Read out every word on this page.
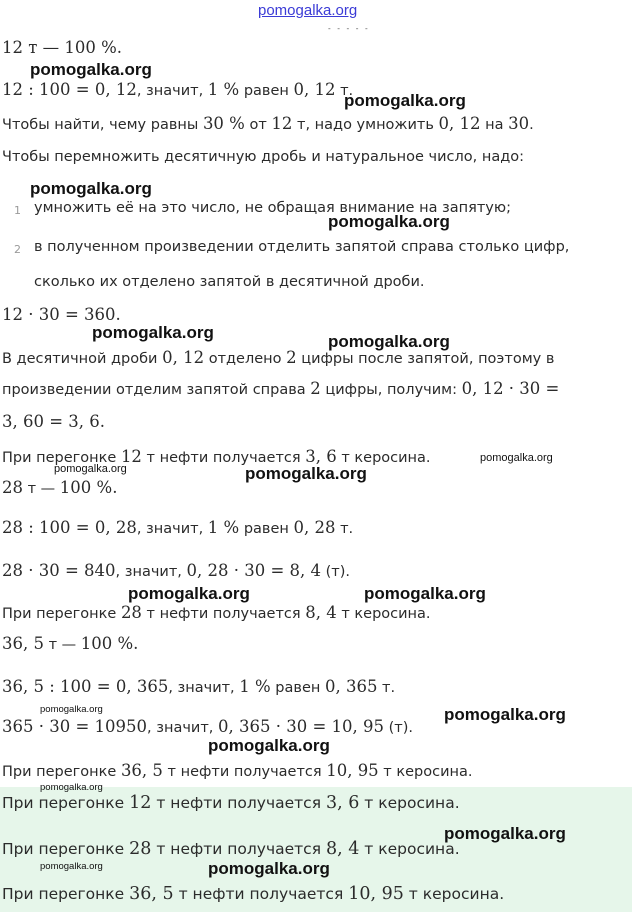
pomogalka.org
- - - - -
12 т — 100 %.
12 : 100 = 0, 12, значит, 1 % равен 0, 12 т.
Чтобы найти, чему равны 30 % от 12 т, надо умножить 0, 12 на 30.
Чтобы перемножить десятичную дробь и натуральное число, надо:
1 умножить её на это число, не обращая внимание на запятую;
2 в полученном произведении отделить запятой справа столько цифр,
сколько их отделено запятой в десятичной дроби.
12 · 30 = 360.
В десятичной дроби 0, 12 отделено 2 цифры после запятой, поэтому в
произведении отделим запятой справа 2 цифры, получим: 0, 12 · 30 =
3, 60 = 3, 6.
При перегонке 12 т нефти получается 3, 6 т керосина.
28 т — 100 %.
28 : 100 = 0, 28, значит, 1 % равен 0, 28 т.
28 · 30 = 840, значит, 0, 28 · 30 = 8, 4 (т).
При перегонке 28 т нефти получается 8, 4 т керосина.
36, 5 т — 100 %.
36, 5 : 100 = 0, 365, значит, 1 % равен 0, 365 т.
365 · 30 = 10950, значит, 0, 365 · 30 = 10, 95 (т).
При перегонке 36, 5 т нефти получается 10, 95 т керосина.
При перегонке 12 т нефти получается 3, 6 т керосина.
При перегонке 28 т нефти получается 8, 4 т керосина.
При перегонке 36, 5 т нефти получается 10, 95 т керосина.
pomogalka.org
pomogalka.org
pomogalka.org
pomogalka.org
pomogalka.org	pomogalka.org
pomogalka.org
pomogalka.org	pomogalka.org
pomogalka.org	pomogalka.org
pomogalka.org	pomogalka.org
pomogalka.org
pomogalka.org
pomogalka.org
pomogalka.org	pomogalka.org
